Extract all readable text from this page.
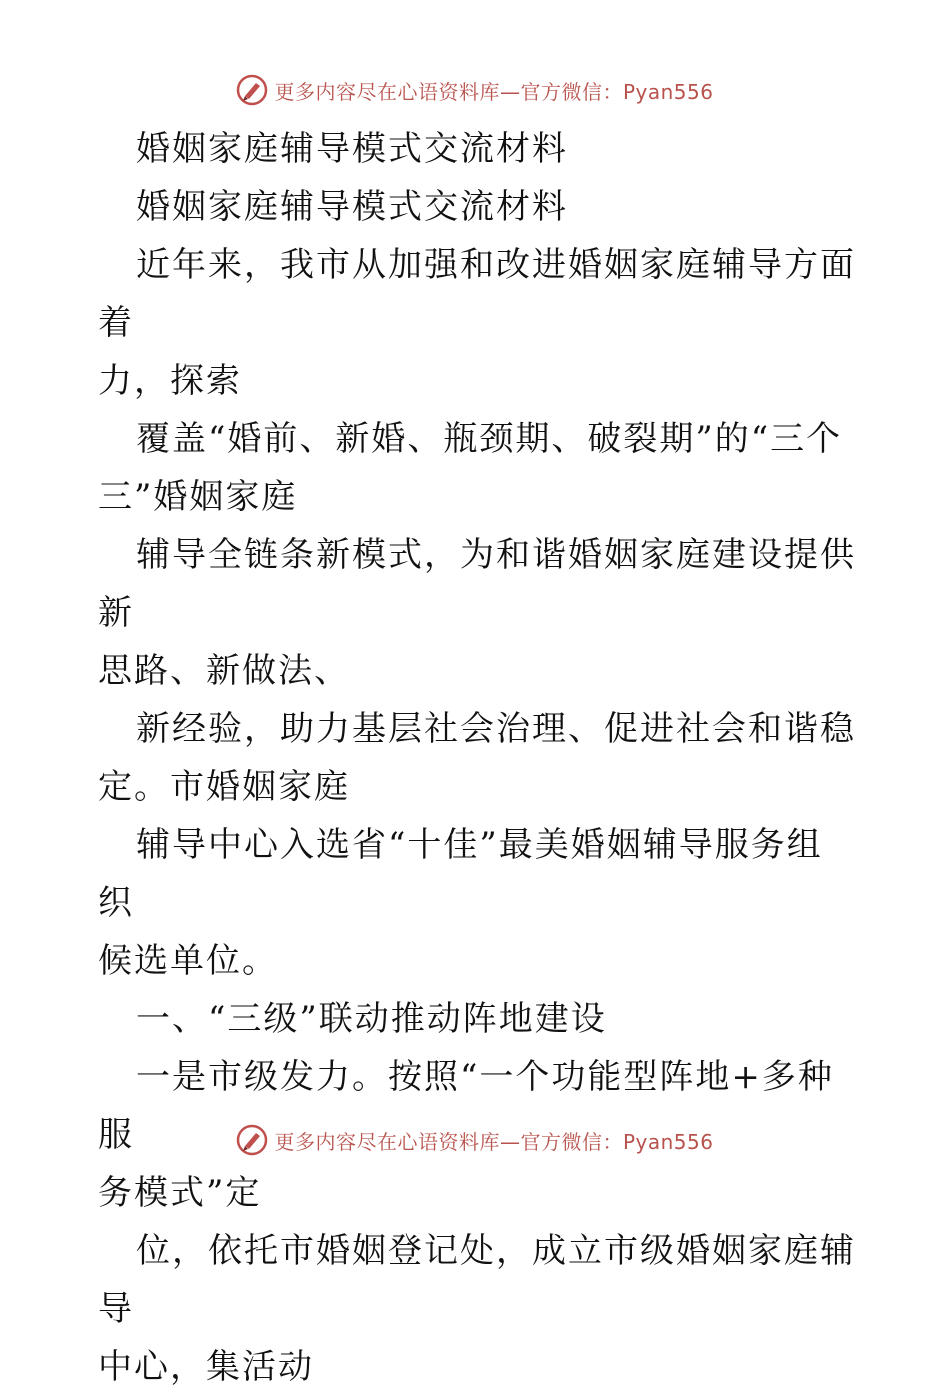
更多内容尽在心语资料库—官方微信：Pyan556

婚姻家庭辅导模式交流材料

婚姻家庭辅导模式交流材料

近年来，我市从加强和改进婚姻家庭辅导方面着

力，探索

覆盖“婚前、新婚、瓶颈期、破裂期”的“三个

三”婚姻家庭

辅导全链条新模式，为和谐婚姻家庭建设提供新

思路、新做法、

新经验，助力基层社会治理、促进社会和谐稳

定。市婚姻家庭

辅导中心入选省“十佳”最美婚姻辅导服务组织

候选单位。

一、“三级”联动推动阵地建设

一是市级发力。按照“一个功能型阵地+多种服

务模式”定

位，依托市婚姻登记处，成立市级婚姻家庭辅导

中心，集活动

更多内容尽在心语资料库—官方微信：Pyan556
